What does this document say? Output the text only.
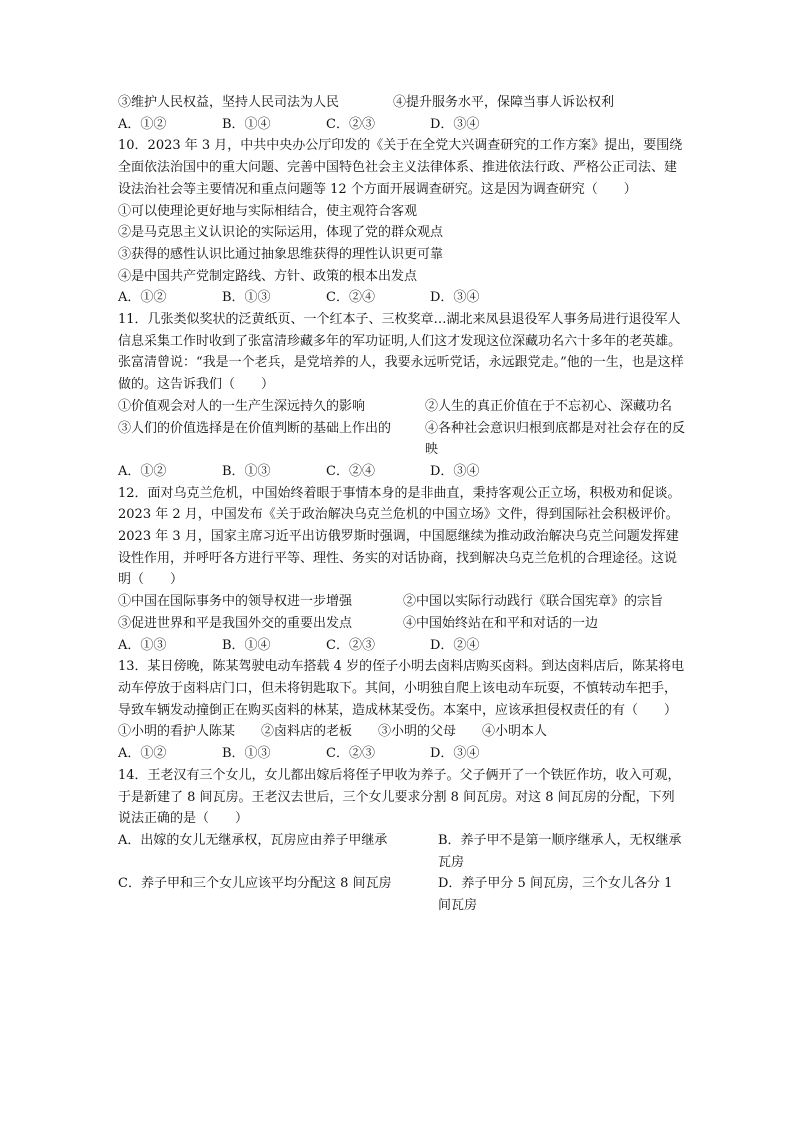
③维护人民权益，坚持人民司法为人民	④提升服务水平，保障当事人诉讼权利
A．①②	B．①④	C．②③	D．③④
10．2023 年 3 月，中共中央办公厅印发的《关于在全党大兴调查研究的工作方案》提出，要围绕全面依法治国中的重大问题、完善中国特色社会主义法律体系、推进依法行政、严格公正司法、建设法治社会等主要情况和重点问题等 12 个方面开展调查研究。这是因为调查研究（　　）
①可以使理论更好地与实际相结合，使主观符合客观
②是马克思主义认识论的实际运用，体现了党的群众观点
③获得的感性认识比通过抽象思维获得的理性认识更可靠
④是中国共产党制定路线、方针、政策的根本出发点
A．①②	B．①③	C．②④	D．③④
11．几张类似奖状的泛黄纸页、一个红本子、三枚奖章…湖北来凤县退役军人事务局进行退役军人信息采集工作时收到了张富清珍藏多年的军功证明,人们这才发现这位深藏功名六十多年的老英雄。张富清曾说：“我是一个老兵，是党培养的人，我要永远听党话，永远跟党走。”他的一生，也是这样做的。这告诉我们（　　）
①价值观会对人的一生产生深远持久的影响	②人生的真正价值在于不忘初心、深藏功名
③人们的价值选择是在价值判断的基础上作出的	④各种社会意识归根到底都是对社会存在的反映
A．①②	B．①③	C．②④	D．③④
12．面对乌克兰危机，中国始终着眼于事情本身的是非曲直，秉持客观公正立场，积极劝和促谈。2023 年 2 月，中国发布《关于政治解决乌克兰危机的中国立场》文件，得到国际社会积极评价。2023 年 3 月，国家主席习近平出访俄罗斯时强调，中国愿继续为推动政治解决乌克兰问题发挥建设性作用，并呼吁各方进行平等、理性、务实的对话协商，找到解决乌克兰危机的合理途径。这说明（　　）
①中国在国际事务中的领导权进一步增强	②中国以实际行动践行《联合国宪章》的宗旨
③促进世界和平是我国外交的重要出发点	④中国始终站在和平和对话的一边
A．①③	B．①④	C．②③	D．②④
13．某日傍晚，陈某驾驶电动车搭载 4 岁的侄子小明去卤料店购买卤料。到达卤料店后，陈某将电动车停放于卤料店门口，但未将钥匙取下。其间，小明独自爬上该电动车玩耍，不慎转动车把手，导致车辆发动撞倒正在购买卤料的林某，造成林某受伤。本案中，应该承担侵权责任的有（　　）
①小明的看护人陈某　　②卤料店的老板　　③小明的父母　　④小明本人
A．①②	B．①③	C．②③	D．③④
14．王老汉有三个女儿，女儿都出嫁后将侄子甲收为养子。父子俩开了一个铁匠作坊，收入可观，于是新建了 8 间瓦房。王老汉去世后，三个女儿要求分割 8 间瓦房。对这 8 间瓦房的分配，下列说法正确的是（　　）
A．出嫁的女儿无继承权，瓦房应由养子甲继承	B．养子甲不是第一顺序继承人，无权继承瓦房
C．养子甲和三个女儿应该平均分配这 8 间瓦房	D．养子甲分 5 间瓦房，三个女儿各分 1 间瓦房
